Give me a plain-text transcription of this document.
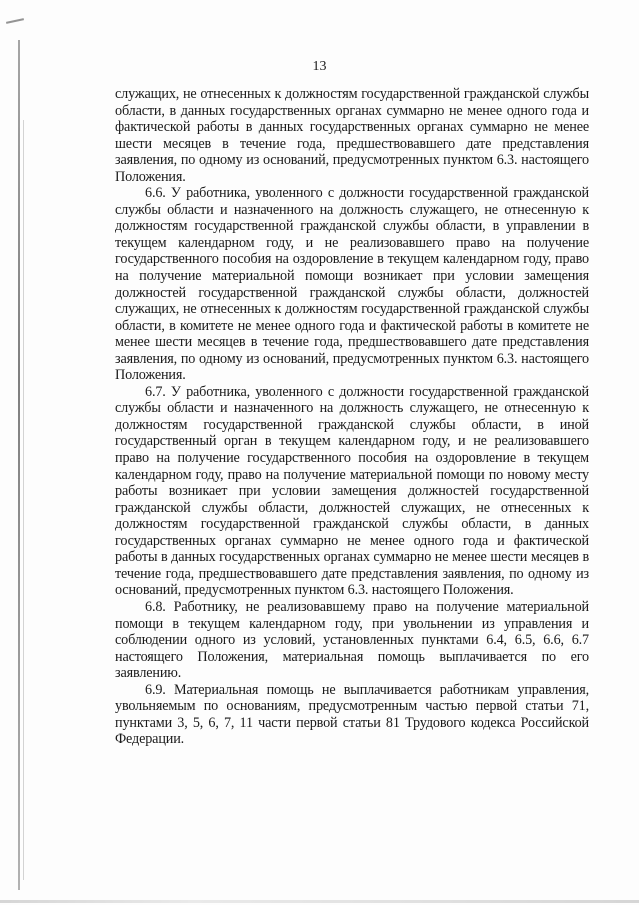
13

служащих, не отнесенных к должностям государственной гражданской службы области, в данных государственных органах суммарно не менее одного года и фактической работы в данных государственных органах суммарно не менее шести месяцев в течение года, предшествовавшего дате представления заявления, по одному из оснований, предусмотренных пунктом 6.3. настоящего Положения.

6.6. У работника, уволенного с должности государственной гражданской службы области и назначенного на должность служащего, не отнесенную к должностям государственной гражданской службы области, в управлении в текущем календарном году, и не реализовавшего право на получение государственного пособия на оздоровление в текущем календарном году, право на получение материальной помощи возникает при условии замещения должностей государственной гражданской службы области, должностей служащих, не отнесенных к должностям государственной гражданской службы области, в комитете не менее одного года и фактической работы в комитете не менее шести месяцев в течение года, предшествовавшего дате представления заявления, по одному из оснований, предусмотренных пунктом 6.3. настоящего Положения.

6.7. У работника, уволенного с должности государственной гражданской службы области и назначенного на должность служащего, не отнесенную к должностям государственной гражданской службы области, в иной государственный орган в текущем календарном году, и не реализовавшего право на получение государственного пособия на оздоровление в текущем календарном году, право на получение материальной помощи по новому месту работы возникает при условии замещения должностей государственной гражданской службы области, должностей служащих, не отнесенных к должностям государственной гражданской службы области, в данных государственных органах суммарно не менее одного года и фактической работы в данных государственных органах суммарно не менее шести месяцев в течение года, предшествовавшего дате представления заявления, по одному из оснований, предусмотренных пунктом 6.3. настоящего Положения.

6.8. Работнику, не реализовавшему право на получение материальной помощи в текущем календарном году, при увольнении из управления и соблюдении одного из условий, установленных пунктами 6.4, 6.5, 6.6, 6.7 настоящего Положения, материальная помощь выплачивается по его заявлению.

6.9. Материальная помощь не выплачивается работникам управления, увольняемым по основаниям, предусмотренным частью первой статьи 71, пунктами 3, 5, 6, 7, 11 части первой статьи 81 Трудового кодекса Российской Федерации.
